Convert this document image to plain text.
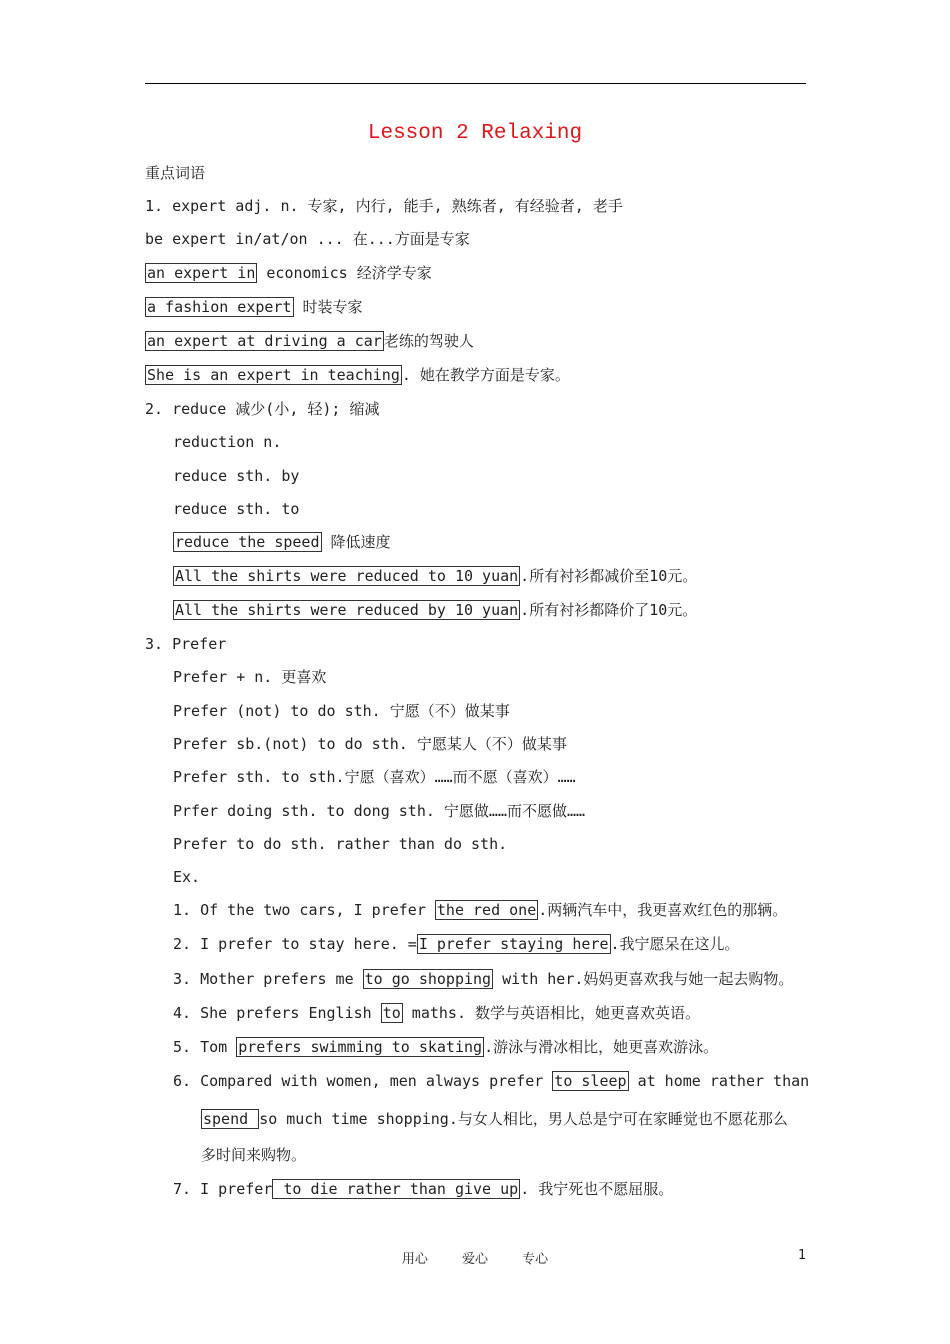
Lesson 2 Relaxing
重点词语
1. expert adj. n. 专家, 内行, 能手, 熟练者, 有经验者, 老手
be expert in/at/on ... 在...方面是专家
an expert in economics 经济学专家
a fashion expert 时装专家
an expert at driving a car 老练的驾驶人
She is an expert in teaching . 她在教学方面是专家。
2. reduce 减少(小, 轻); 缩减
reduction n.
reduce sth. by
reduce sth. to
reduce the speed 降低速度
All the shirts were reduced to 10 yuan .所有衬衫都减价至10元。
All the shirts were reduced by 10 yuan .所有衬衫都降价了10元。
3. Prefer
Prefer + n. 更喜欢
Prefer (not) to do sth. 宁愿（不）做某事
Prefer sb.(not) to do sth. 宁愿某人（不）做某事
Prefer sth. to sth.宁愿（喜欢）……而不愿（喜欢）……
Prfer doing sth. to dong sth. 宁愿做……而不愿做……
Prefer to do sth. rather than do sth.
Ex.
1. Of the two cars, I prefer the red one .两辆汽车中，我更喜欢红色的那辆。
2. I prefer to stay here. = I prefer staying here .我宁愿呆在这儿。
3. Mother prefers me to go shopping with her.妈妈更喜欢我与她一起去购物。
4. She prefers English to maths. 数学与英语相比，她更喜欢英语。
5. Tom prefers swimming to skating .游泳与滑冰相比，她更喜欢游泳。
6. Compared with women, men always prefer to sleep at home rather than
spend so much time shopping.与女人相比，男人总是宁可在家睡觉也不愿花那么
多时间来购物。
7. I prefer to die rather than give up . 我宁死也不愿屈服。
用心 爱心 专心	1
